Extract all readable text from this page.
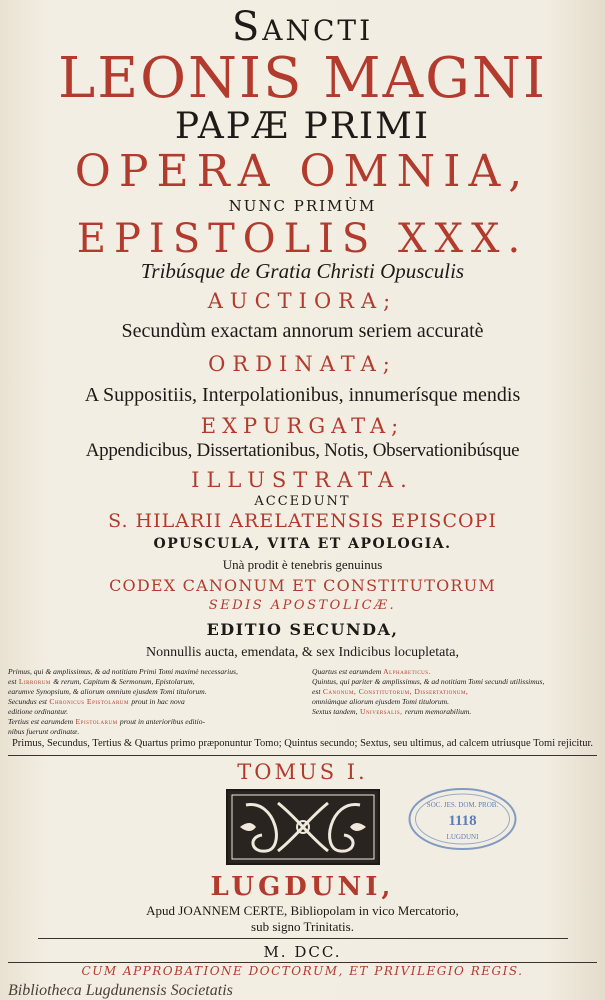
Sancti
LEONIS MAGNI
PAPÆ PRIMI
OPERA OMNIA,
NUNC PRIMÙM
EPISTOLIS XXX.
Tribúsque de Gratia Christi Opusculis
AUCTIORA;
Secundùm exactam annorum seriem accuratè
ORDINATA;
A Suppositiis, Interpolationibus, innumerísque mendis
EXPURGATA;
Appendicibus, Dissertationibus, Notis, Observationibúsque
ILLUSTRATA.
ACCEDUNT
S. HILARII ARELATENSIS EPISCOPI
OPUSCULA, VITA ET APOLOGIA.
Unà prodit è tenebris genuinus
CODEX CANONUM ET CONSTITUTORUM
SEDIS APOSTOLICÆ.
EDITIO SECUNDA,
Nonnullis aucta, emendata, & sex Indicibus locupletata,
Primus, qui & amplissimus, & ad notitiam Primi Tomi maximè necessarius,
est Librorum & rerum, Capitum & Sermonum, Epistolarum,
earumve Synopsium, & aliorum omnium ejusdem Tomi titulorum.
Secundus est Chronicus Epistolarum prout in hac nova
editione ordinantur.
Tertius est earumdem Epistolarum prout in anterioribus editio-
nibus fuerunt ordinatæ.
Quartus est earumdem Alphabeticus.
Quintus, qui pariter & amplissimus, & ad notitiam Tomi secundi utilissimus,
est Canonum, Constitutorum, Dissertationum,
omniúmque aliorum ejusdem Tomi titulorum.
Sextus tandem, Universalis, rerum memorabilium.
Primus, Secundus, Tertius & Quartus primo præponuntur Tomo; Quintus secundo; Sextus, seu ultimus, ad calcem utriusque Tomi rejicitur.
TOMUS I.
SOC. JES. DOM. PROB.
1118
LUGDUNI
LUGDUNI,
Apud JOANNEM CERTE, Bibliopolam in vico Mercatorio,
sub signo Trinitatis.
M. DCC.
CUM APPROBATIONE DOCTORUM, ET PRIVILEGIO REGIS.
Bibliotheca Lugdunensis Societatis
